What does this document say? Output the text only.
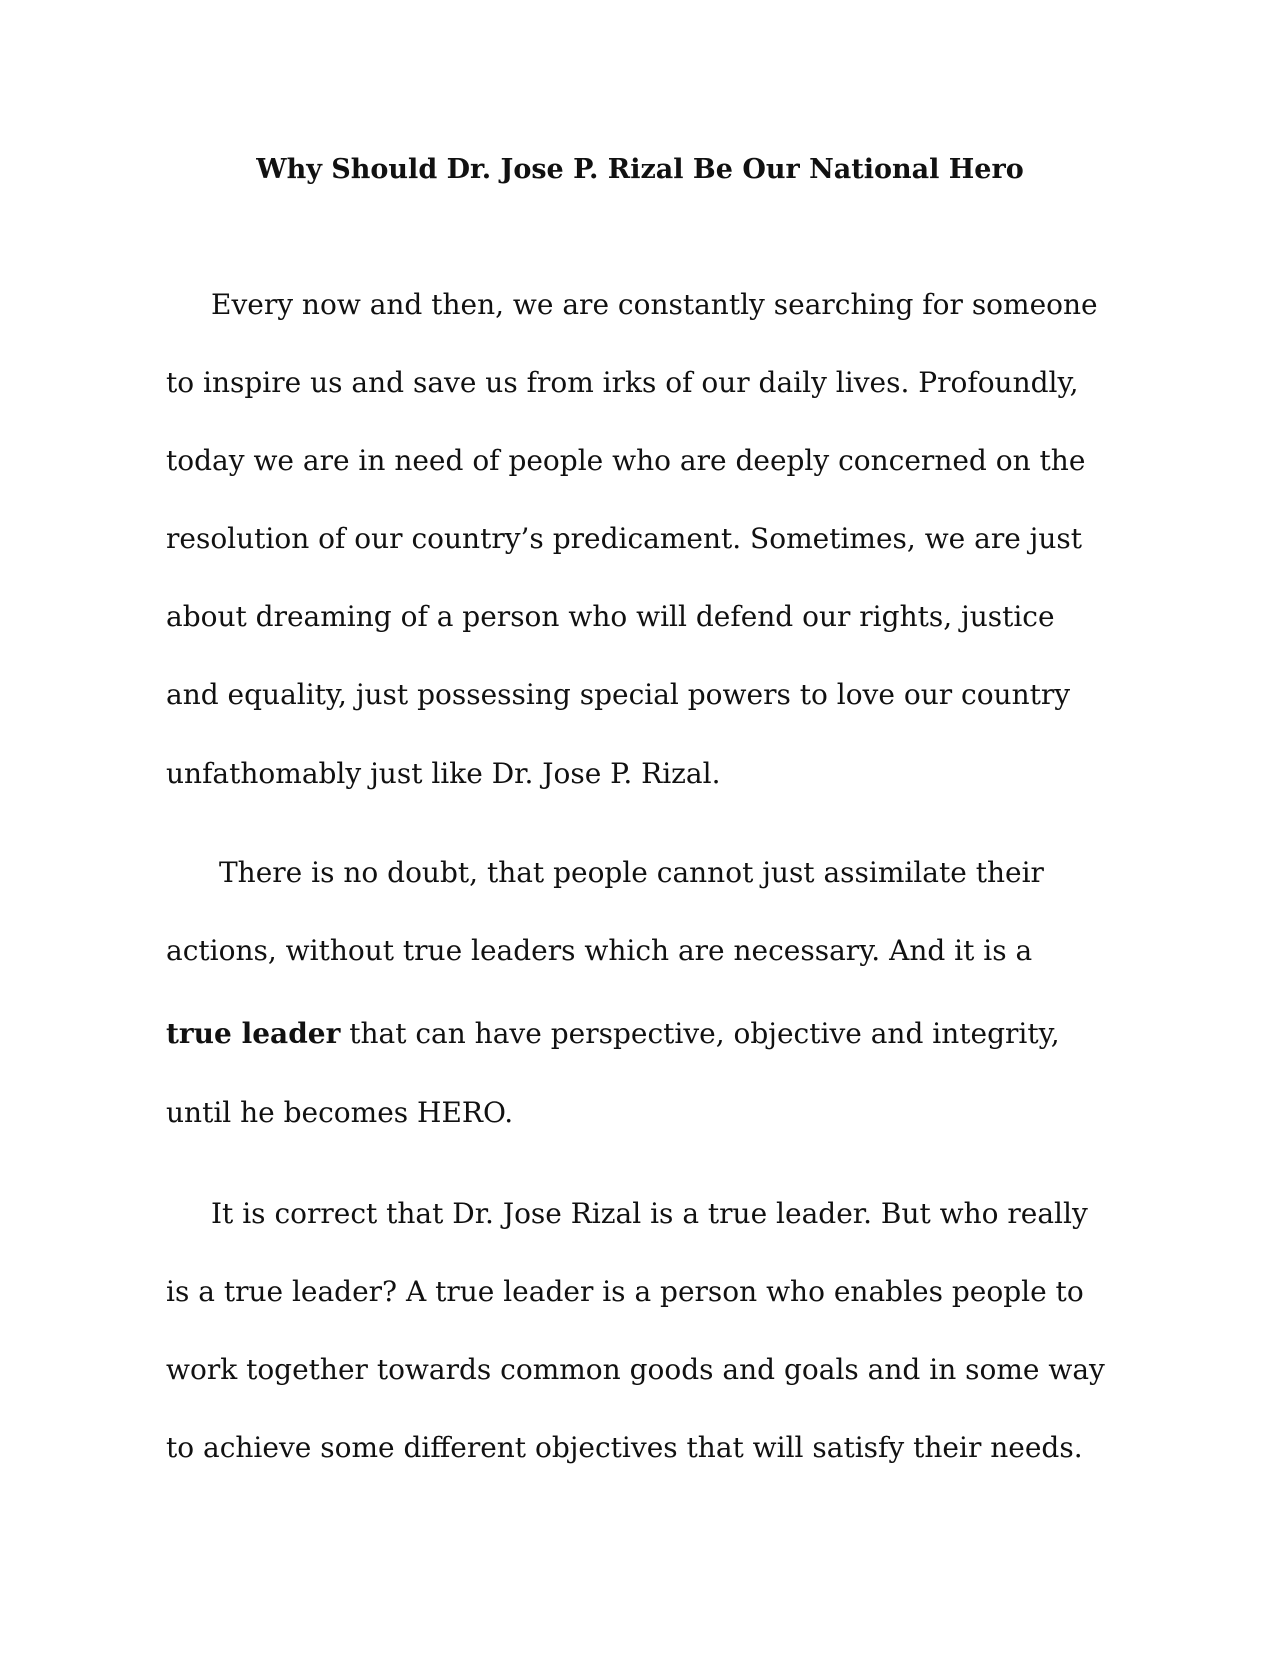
Why Should Dr. Jose P. Rizal Be Our National Hero
Every now and then, we are constantly searching for someone
to inspire us and save us from irks of our daily lives. Profoundly,
today we are in need of people who are deeply concerned on the
resolution of our country’s predicament. Sometimes, we are just
about dreaming of a person who will defend our rights, justice
and equality, just possessing special powers to love our country
unfathomably just like Dr. Jose P. Rizal.
There is no doubt, that people cannot just assimilate their
actions, without true leaders which are necessary. And it is a
true leader that can have perspective, objective and integrity,
until he becomes HERO.
It is correct that Dr. Jose Rizal is a true leader. But who really
is a true leader? A true leader is a person who enables people to
work together towards common goods and goals and in some way
to achieve some different objectives that will satisfy their needs.
